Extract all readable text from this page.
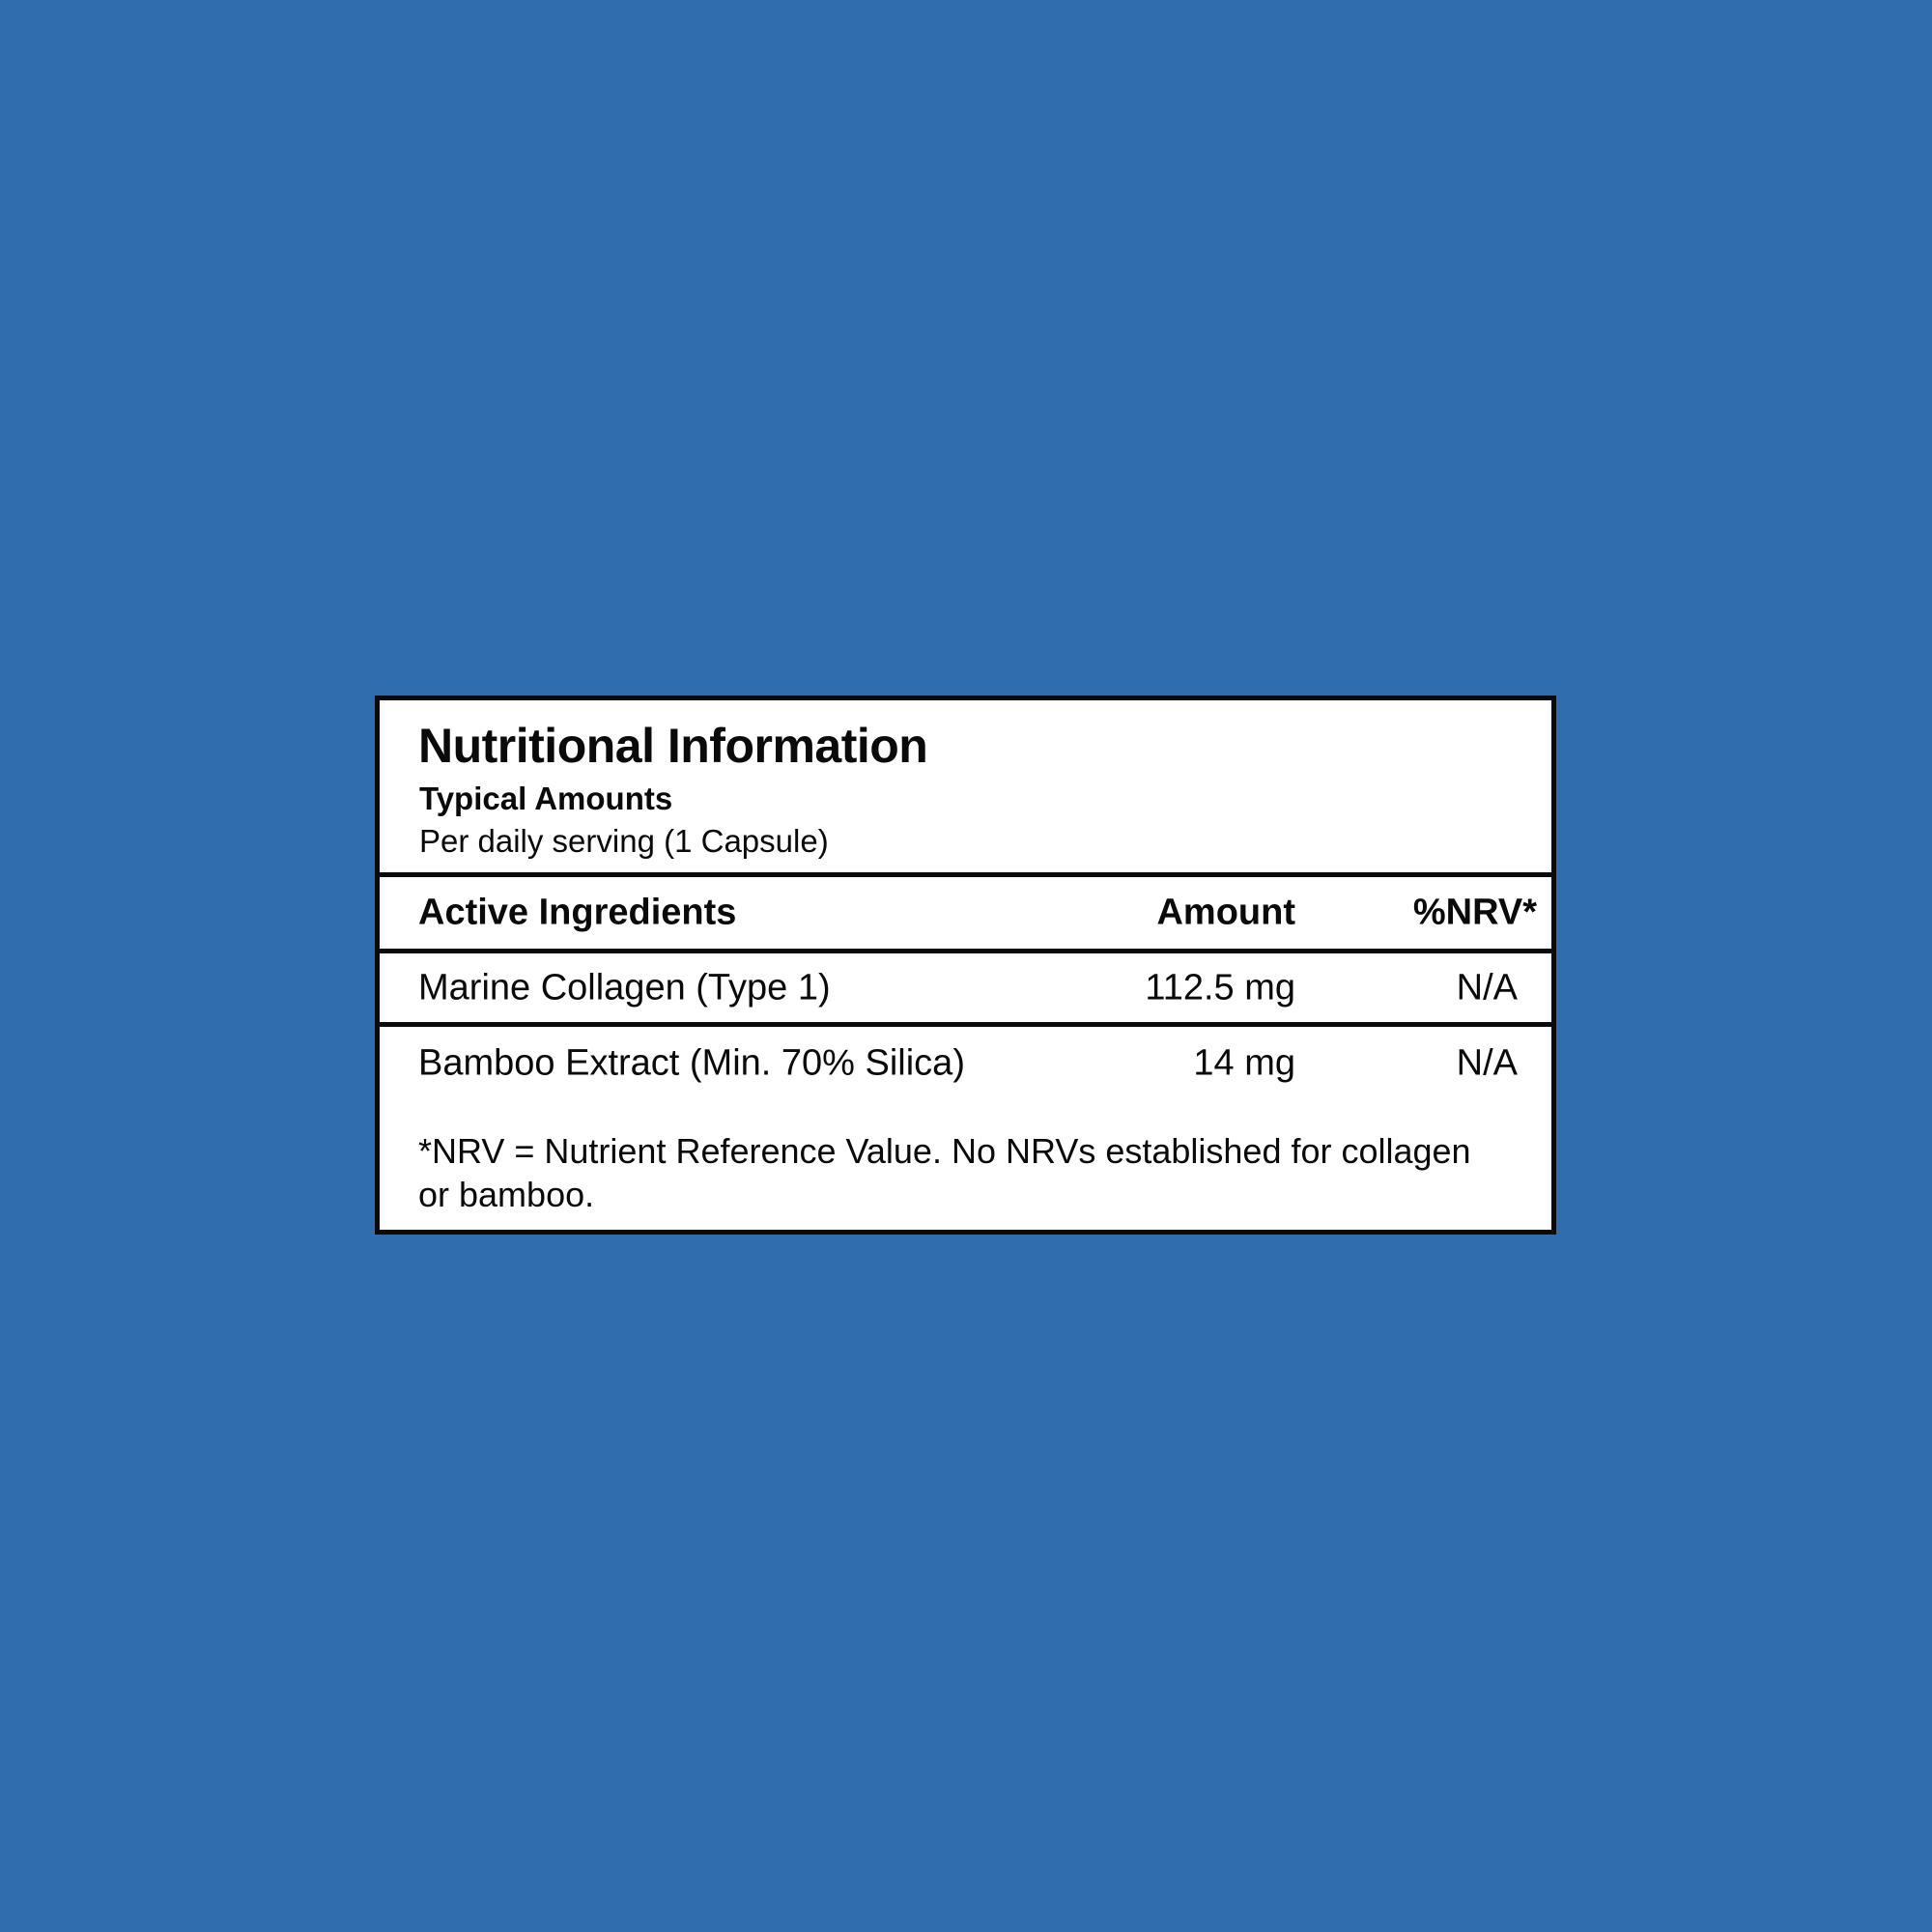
Nutritional Information
Typical Amounts
Per daily serving (1 Capsule)
Active Ingredients	Amount	%NRV*
Marine Collagen (Type 1)	112.5 mg	N/A
Bamboo Extract (Min. 70% Silica)	14 mg	N/A
*NRV = Nutrient Reference Value. No NRVs established for collagen or bamboo.
